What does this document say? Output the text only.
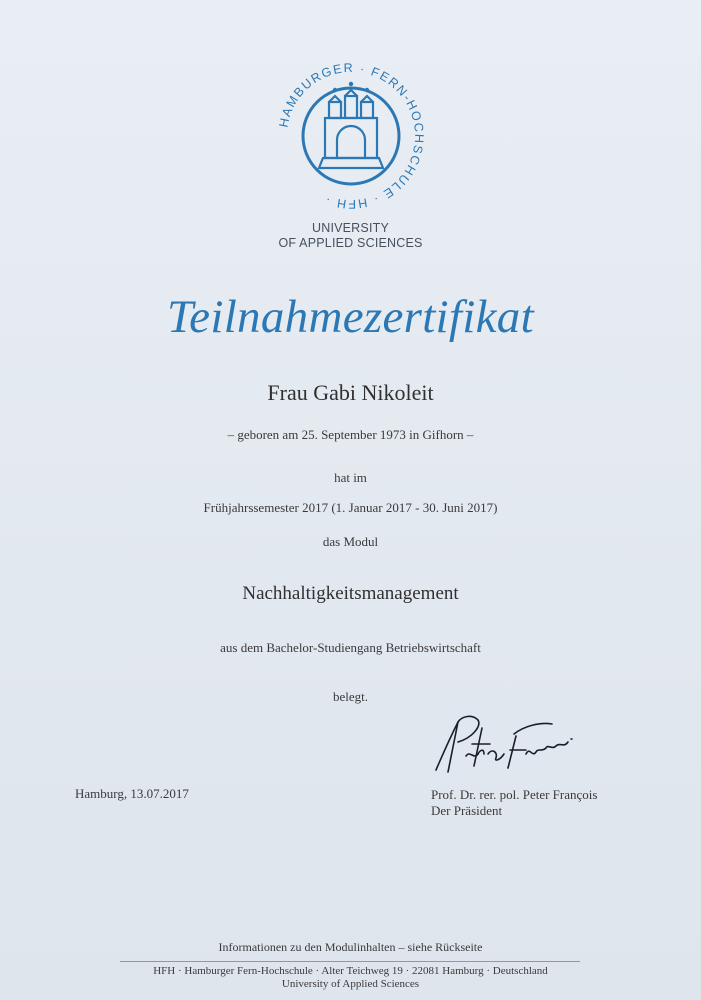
HAMBURGER · FERN-HOCHSCHULE · HFH ·
UNIVERSITY
OF APPLIED SCIENCES
Teilnahmezertifikat
Frau Gabi Nikoleit
– geboren am 25. September 1973 in Gifhorn –
hat im
Frühjahrssemester 2017 (1. Januar 2017 - 30. Juni 2017)
das Modul
Nachhaltigkeitsmanagement
aus dem Bachelor-Studiengang Betriebswirtschaft
belegt.
Hamburg, 13.07.2017	Prof. Dr. rer. pol. Peter François
Der Präsident
Informationen zu den Modulinhalten – siehe Rückseite
HFH · Hamburger Fern-Hochschule · Alter Teichweg 19 · 22081 Hamburg · Deutschland
University of Applied Sciences
